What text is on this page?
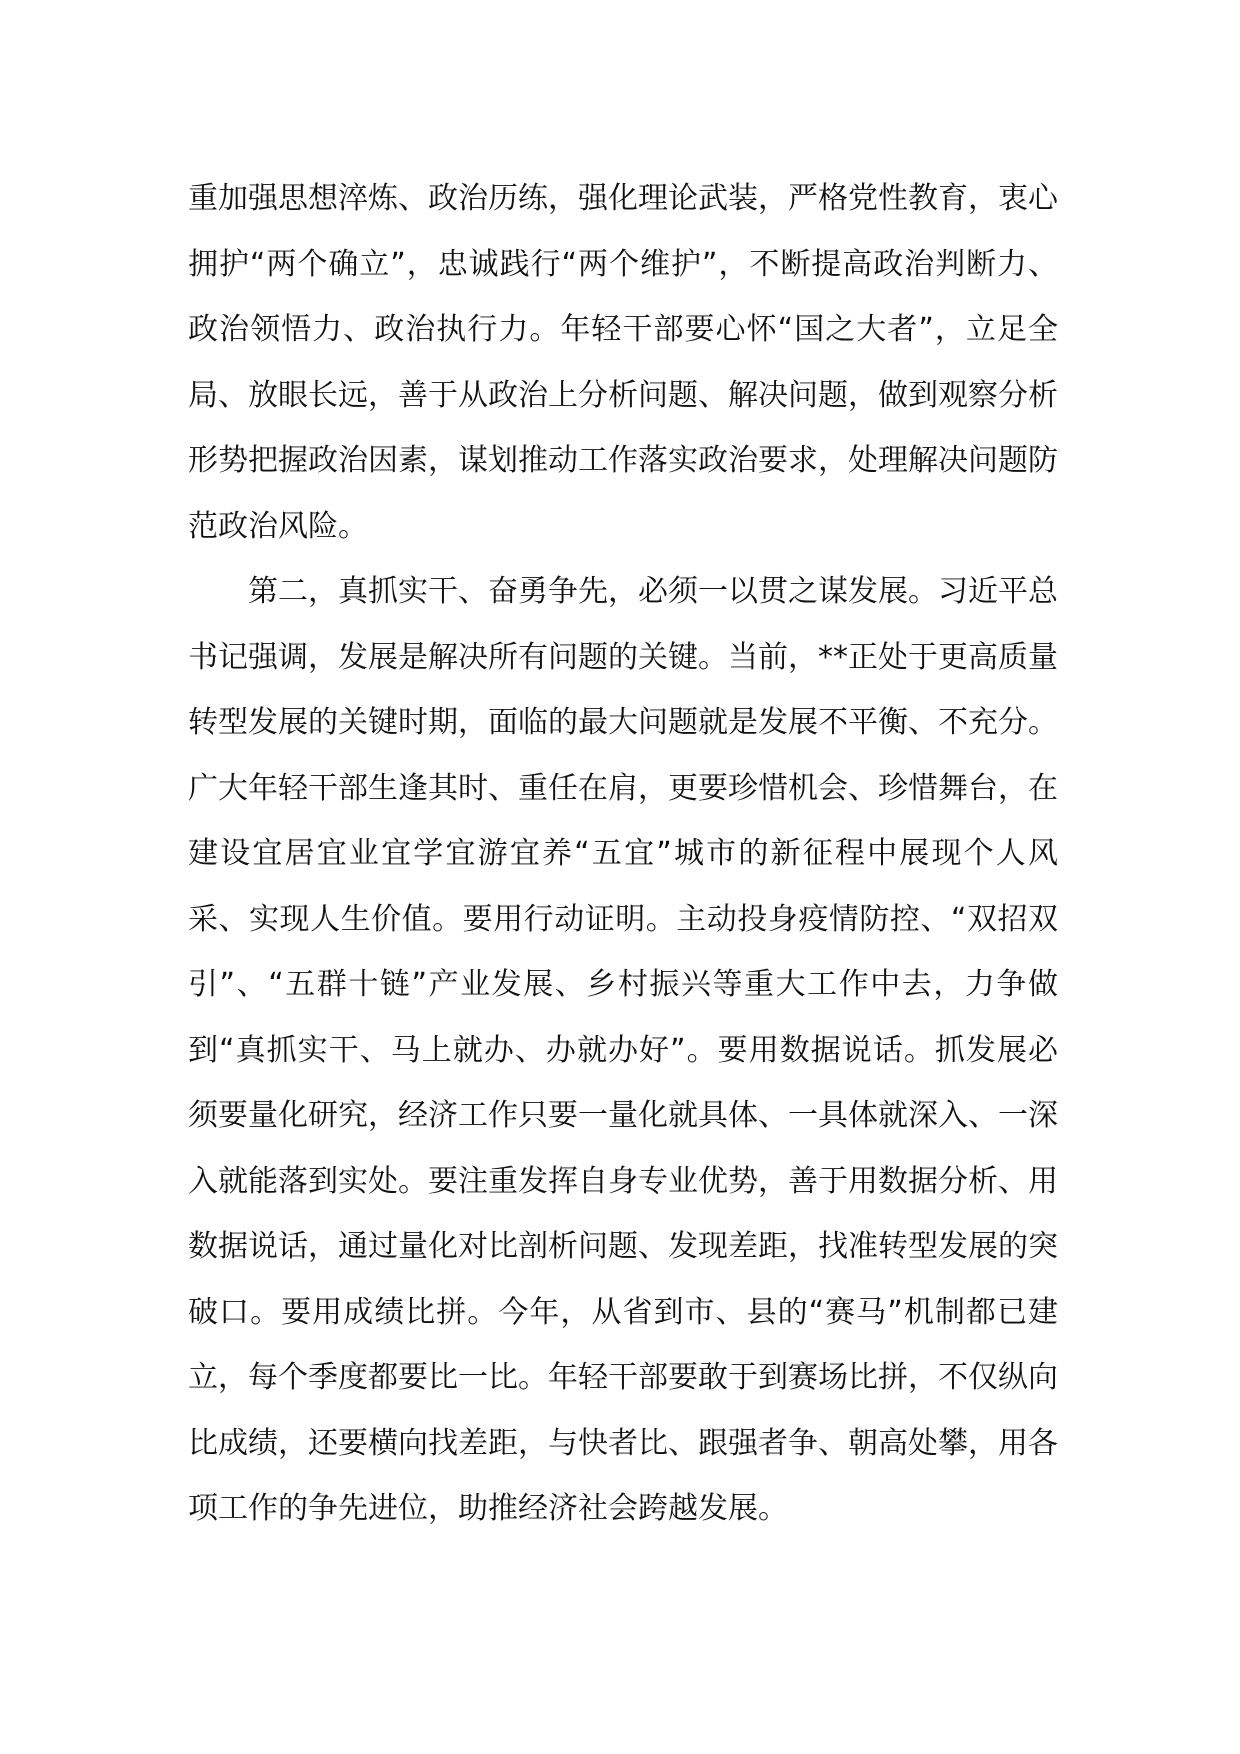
重加强思想淬炼、政治历练，强化理论武装，严格党性教育，衷心拥护“两个确立”，忠诚践行“两个维护”，不断提高政治判断力、政治领悟力、政治执行力。年轻干部要心怀“国之大者”，立足全局、放眼长远，善于从政治上分析问题、解决问题，做到观察分析形势把握政治因素，谋划推动工作落实政治要求，处理解决问题防范政治风险。

第二，真抓实干、奋勇争先，必须一以贯之谋发展。习近平总书记强调，发展是解决所有问题的关键。当前，**正处于更高质量转型发展的关键时期，面临的最大问题就是发展不平衡、不充分。广大年轻干部生逢其时、重任在肩，更要珍惜机会、珍惜舞台，在建设宜居宜业宜学宜游宜养“五宜”城市的新征程中展现个人风采、实现人生价值。要用行动证明。主动投身疫情防控、“双招双引”、“五群十链”产业发展、乡村振兴等重大工作中去，力争做到“真抓实干、马上就办、办就办好”。要用数据说话。抓发展必须要量化研究，经济工作只要一量化就具体、一具体就深入、一深入就能落到实处。要注重发挥自身专业优势，善于用数据分析、用数据说话，通过量化对比剖析问题、发现差距，找准转型发展的突破口。要用成绩比拼。今年，从省到市、县的“赛马”机制都已建立，每个季度都要比一比。年轻干部要敢于到赛场比拼，不仅纵向比成绩，还要横向找差距，与快者比、跟强者争、朝高处攀，用各项工作的争先进位，助推经济社会跨越发展。
